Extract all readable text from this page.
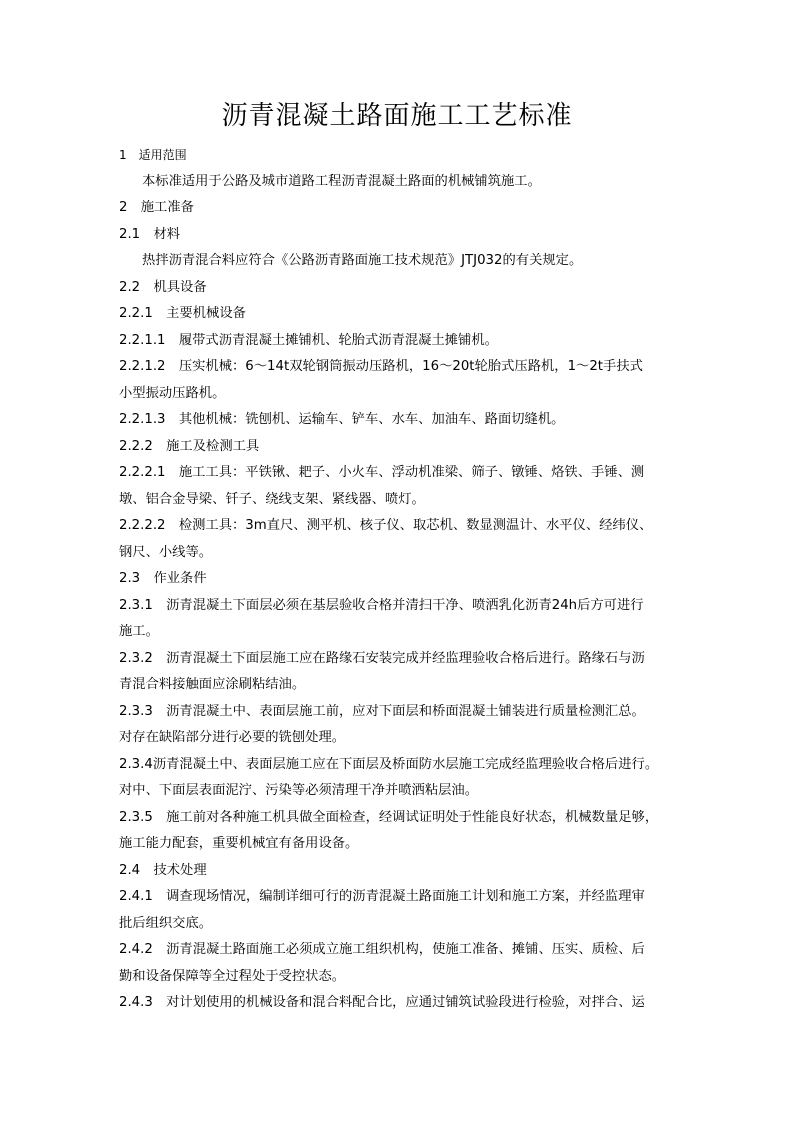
沥青混凝土路面施工工艺标准

1　适用范围

本标准适用于公路及城市道路工程沥青混凝土路面的机械铺筑施工。

2　施工准备

2.1　材料

热拌沥青混合料应符合《公路沥青路面施工技术规范》JTJ032的有关规定。

2.2　机具设备

2.2.1　主要机械设备

2.2.1.1　履带式沥青混凝土摊铺机、轮胎式沥青混凝土摊铺机。

2.2.1.2　压实机械：6～14t双轮钢筒振动压路机，16～20t轮胎式压路机，1～2t手扶式

小型振动压路机。

2.2.1.3　其他机械：铣刨机、运输车、铲车、水车、加油车、路面切缝机。

2.2.2　施工及检测工具

2.2.2.1　施工工具：平铁锹、耙子、小火车、浮动机准梁、筛子、镦锤、烙铁、手锤、测

墩、铝合金导梁、钎子、绕线支架、紧线器、喷灯。

2.2.2.2　检测工具：3m直尺、测平机、核子仪、取芯机、数显测温计、水平仪、经纬仪、

钢尺、小线等。

2.3　作业条件

2.3.1　沥青混凝土下面层必须在基层验收合格并清扫干净、喷洒乳化沥青24h后方可进行

施工。

2.3.2　沥青混凝土下面层施工应在路缘石安装完成并经监理验收合格后进行。路缘石与沥

青混合料接触面应涂刷粘结油。

2.3.3　沥青混凝土中、表面层施工前，应对下面层和桥面混凝土铺装进行质量检测汇总。

对存在缺陷部分进行必要的铣刨处理。

2.3.4沥青混凝土中、表面层施工应在下面层及桥面防水层施工完成经监理验收合格后进行。

对中、下面层表面泥泞、污染等必须清理干净并喷洒粘层油。

2.3.5　施工前对各种施工机具做全面检查，经调试证明处于性能良好状态，机械数量足够，

施工能力配套，重要机械宜有备用设备。

2.4　技术处理

2.4.1　调查现场情况，编制详细可行的沥青混凝土路面施工计划和施工方案，并经监理审

批后组织交底。

2.4.2　沥青混凝土路面施工必须成立施工组织机构，使施工准备、摊铺、压实、质检、后

勤和设备保障等全过程处于受控状态。

2.4.3　对计划使用的机械设备和混合料配合比，应通过铺筑试验段进行检验，对拌合、运
